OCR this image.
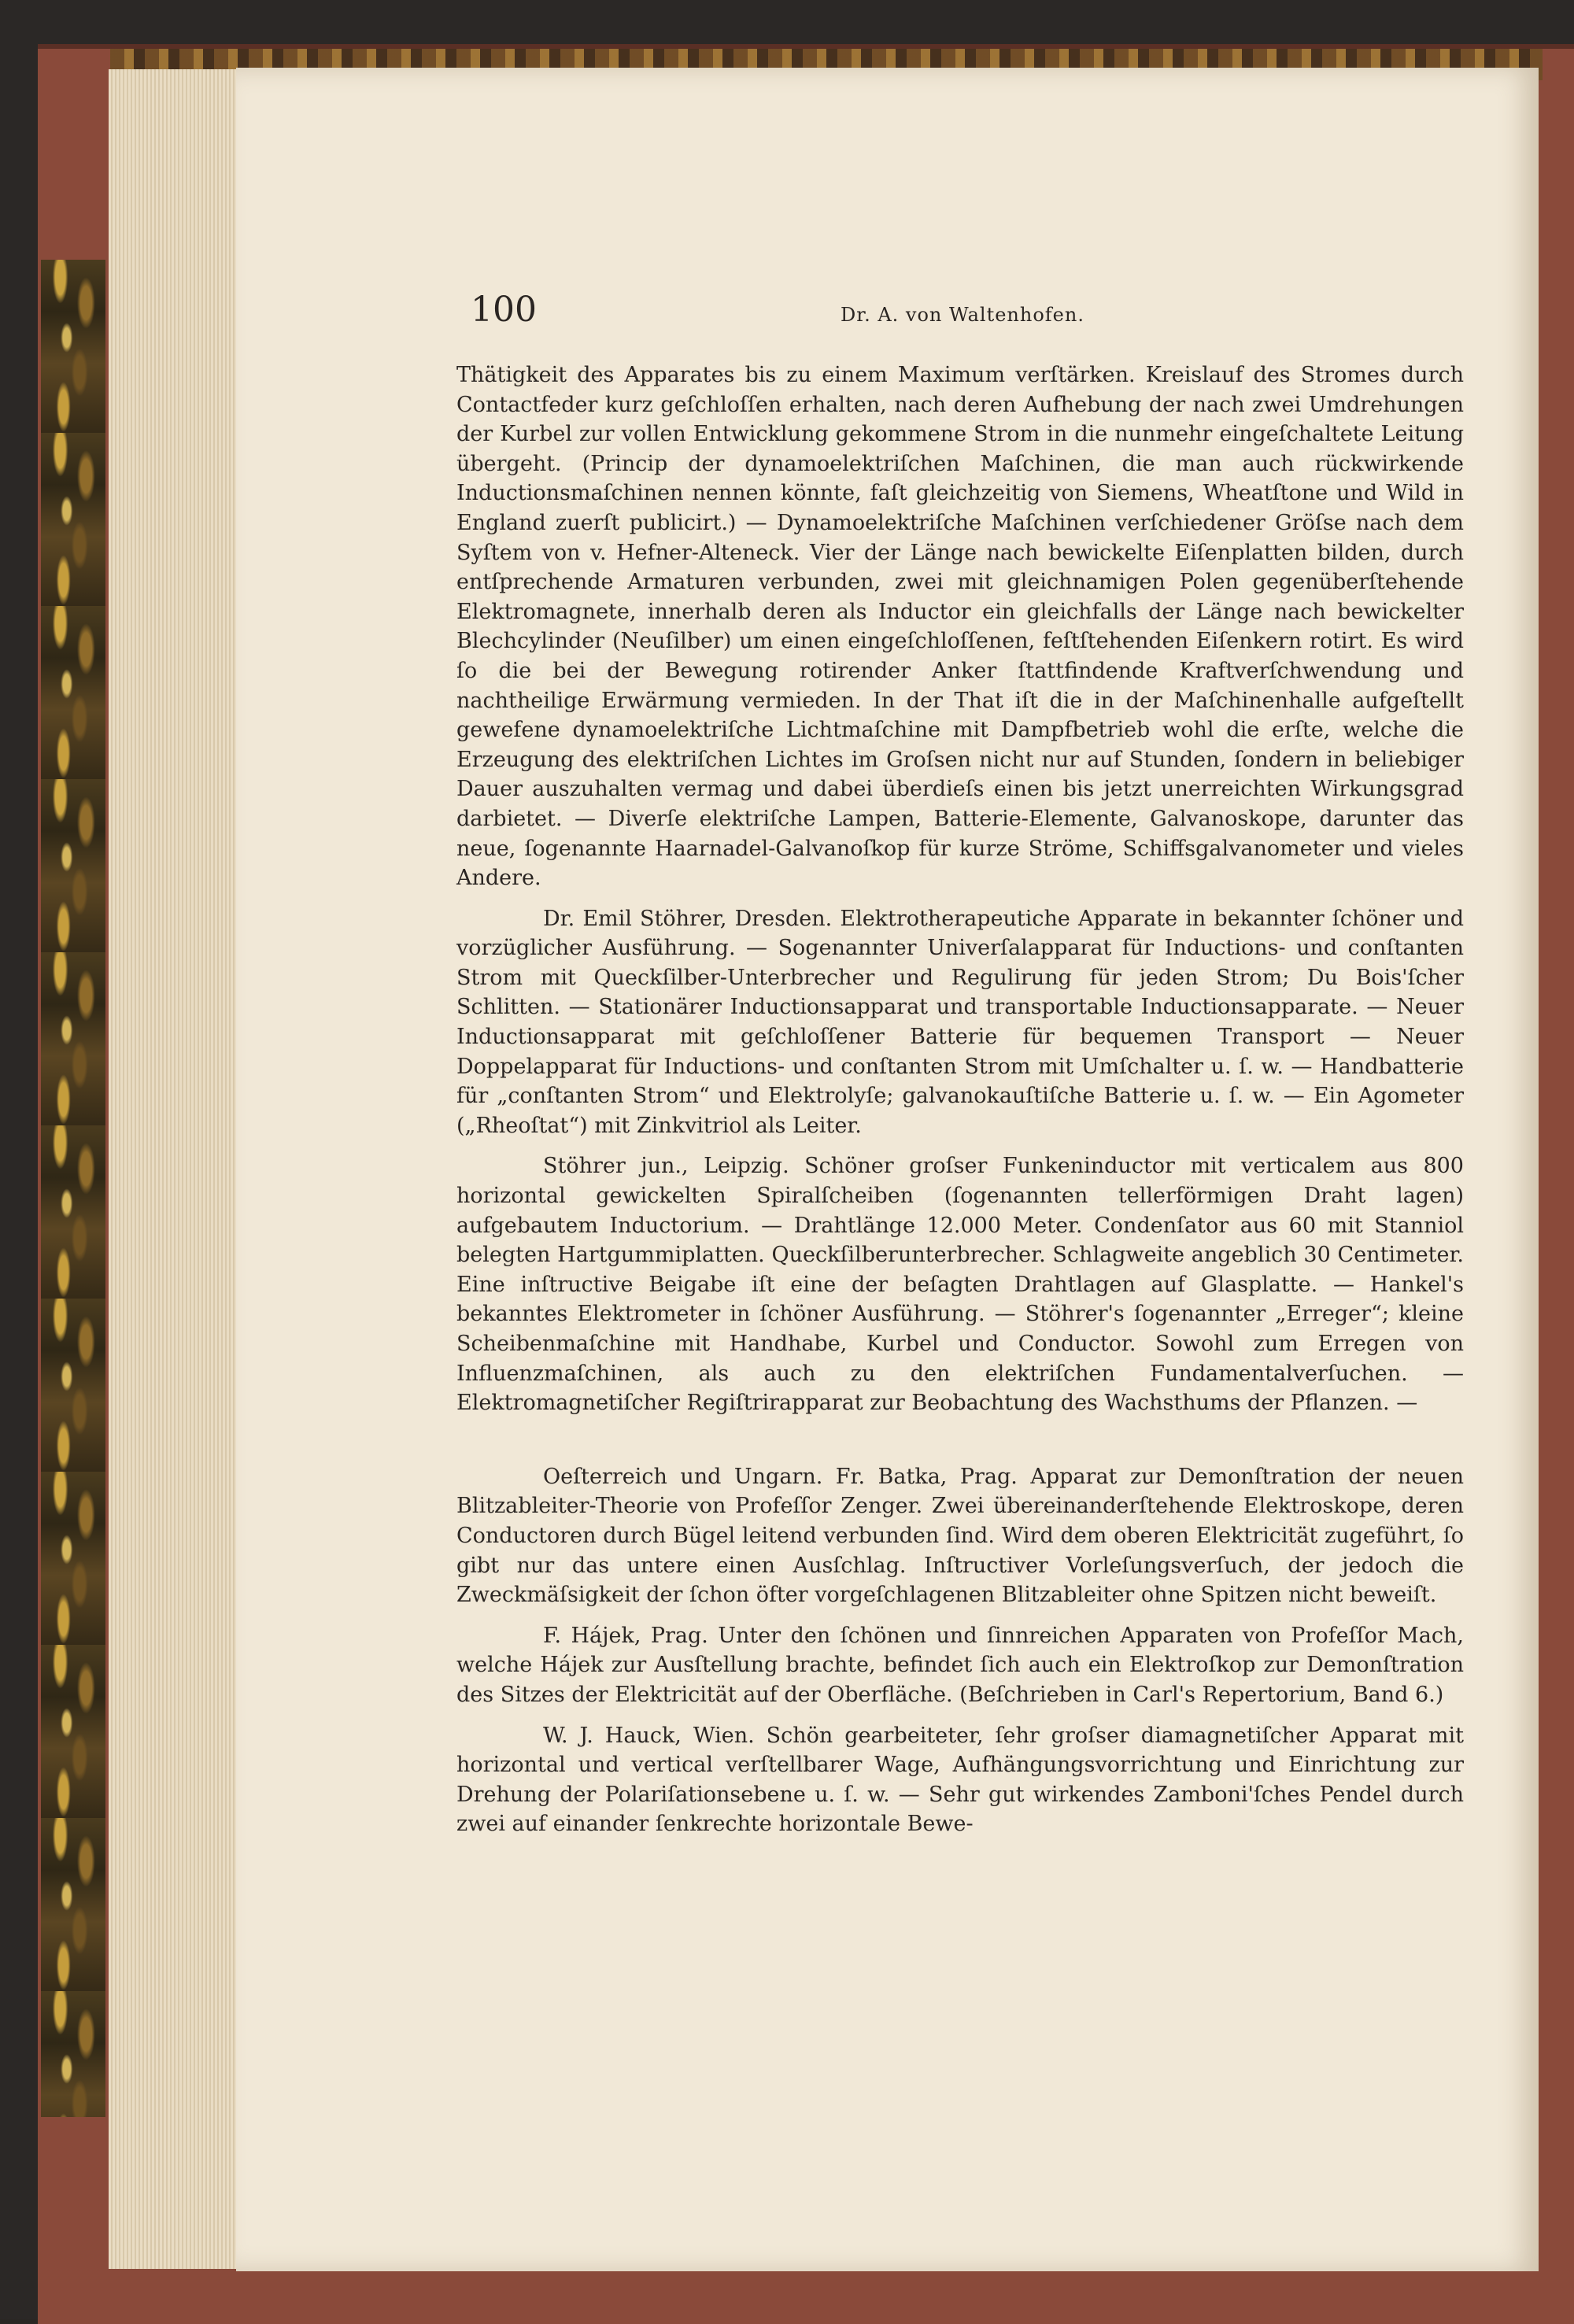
100	Dr. A. von Waltenhofen.

Thätigkeit des Apparates bis zu einem Maximum verſtärken. Kreislauf des Stromes durch Contactfeder kurz geſchloſſen erhalten, nach deren Aufhebung der nach zwei Umdrehungen der Kurbel zur vollen Entwicklung gekommene Strom in die nunmehr eingeſchaltete Leitung übergeht. (Princip der dynamoelektriſchen Maſchinen, die man auch rückwirkende Inductionsmaſchinen nennen könnte, faſt gleichzeitig von Siemens, Wheatſtone und Wild in England zuerſt publicirt.) — Dynamoelektriſche Maſchinen verſchiedener Gröſse nach dem Syſtem von v. Hefner-Alteneck. Vier der Länge nach bewickelte Eiſenplatten bilden, durch entſprechende Armaturen verbunden, zwei mit gleichnamigen Polen gegenüberſtehende Elektromagnete, innerhalb deren als Inductor ein gleichfalls der Länge nach bewickelter Blechcylinder (Neuſilber) um einen eingeſchloſſenen, feſtſtehenden Eiſenkern rotirt. Es wird ſo die bei der Bewegung rotirender Anker ſtattfindende Kraftverſchwendung und nachtheilige Erwärmung vermieden. In der That iſt die in der Maſchinenhalle aufgeſtellt gewefene dynamoelektriſche Lichtmaſchine mit Dampfbetrieb wohl die erſte, welche die Erzeugung des elektriſchen Lichtes im Groſsen nicht nur auf Stunden, ſondern in beliebiger Dauer auszuhalten vermag und dabei überdieſs einen bis jetzt unerreichten Wirkungsgrad darbietet. — Diverſe elektriſche Lampen, Batterie-Elemente, Galvanoskope, darunter das neue, ſogenannte Haarnadel-Galvanoſkop für kurze Ströme, Schiffsgalvanometer und vieles Andere.

Dr. Emil Stöhrer, Dresden. Elektrotherapeutiche Apparate in bekannter ſchöner und vorzüglicher Ausführung. — Sogenannter Univerſalapparat für Inductions- und conſtanten Strom mit Queckſilber-Unterbrecher und Regulirung für jeden Strom; Du Bois'ſcher Schlitten. — Stationärer Inductionsapparat und transportable Inductionsapparate. — Neuer Inductionsapparat mit geſchloſſener Batterie für bequemen Transport — Neuer Doppelapparat für Inductions- und conſtanten Strom mit Umſchalter u. ſ. w. — Handbatterie für „conſtanten Strom“ und Elektrolyſe; galvanokauſtiſche Batterie u. ſ. w. — Ein Agometer („Rheoſtat“) mit Zinkvitriol als Leiter.

Stöhrer jun., Leipzig. Schöner groſser Funkeninductor mit verticalem aus 800 horizontal gewickelten Spiralſcheiben (ſogenannten tellerförmigen Draht lagen) aufgebautem Inductorium. — Drahtlänge 12.000 Meter. Condenſator aus 60 mit Stanniol belegten Hartgummiplatten. Queckſilberunterbrecher. Schlagweite angeblich 30 Centimeter. Eine inſtructive Beigabe iſt eine der beſagten Drahtlagen auf Glasplatte. — Hankel's bekanntes Elektrometer in ſchöner Ausführung. — Stöhrer's ſogenannter „Erreger“; kleine Scheibenmaſchine mit Handhabe, Kurbel und Conductor. Sowohl zum Erregen von Influenzmaſchinen, als auch zu den elektriſchen Fundamentalverſuchen. — Elektromagnetiſcher Regiſtrirapparat zur Beobachtung des Wachsthums der Pflanzen. —

Oeſterreich und Ungarn. Fr. Batka, Prag. Apparat zur Demonſtration der neuen Blitzableiter-Theorie von Profeſſor Zenger. Zwei übereinanderſtehende Elektroskope, deren Conductoren durch Bügel leitend verbunden ſind. Wird dem oberen Elektricität zugeführt, ſo gibt nur das untere einen Ausſchlag. Inſtructiver Vorleſungsverſuch, der jedoch die Zweckmäſsigkeit der ſchon öfter vorgeſchlagenen Blitzableiter ohne Spitzen nicht beweiſt.

F. Hájek, Prag. Unter den ſchönen und ſinnreichen Apparaten von Profeſſor Mach, welche Hájek zur Ausſtellung brachte, befindet ſich auch ein Elektroſkop zur Demonſtration des Sitzes der Elektricität auf der Oberfläche. (Beſchrieben in Carl's Repertorium, Band 6.)

W. J. Hauck, Wien. Schön gearbeiteter, ſehr groſser diamagnetiſcher Apparat mit horizontal und vertical verſtellbarer Wage, Aufhängungsvorrichtung und Einrichtung zur Drehung der Polariſationsebene u. ſ. w. — Sehr gut wirkendes Zamboni'ſches Pendel durch zwei auf einander ſenkrechte horizontale Bewe-
